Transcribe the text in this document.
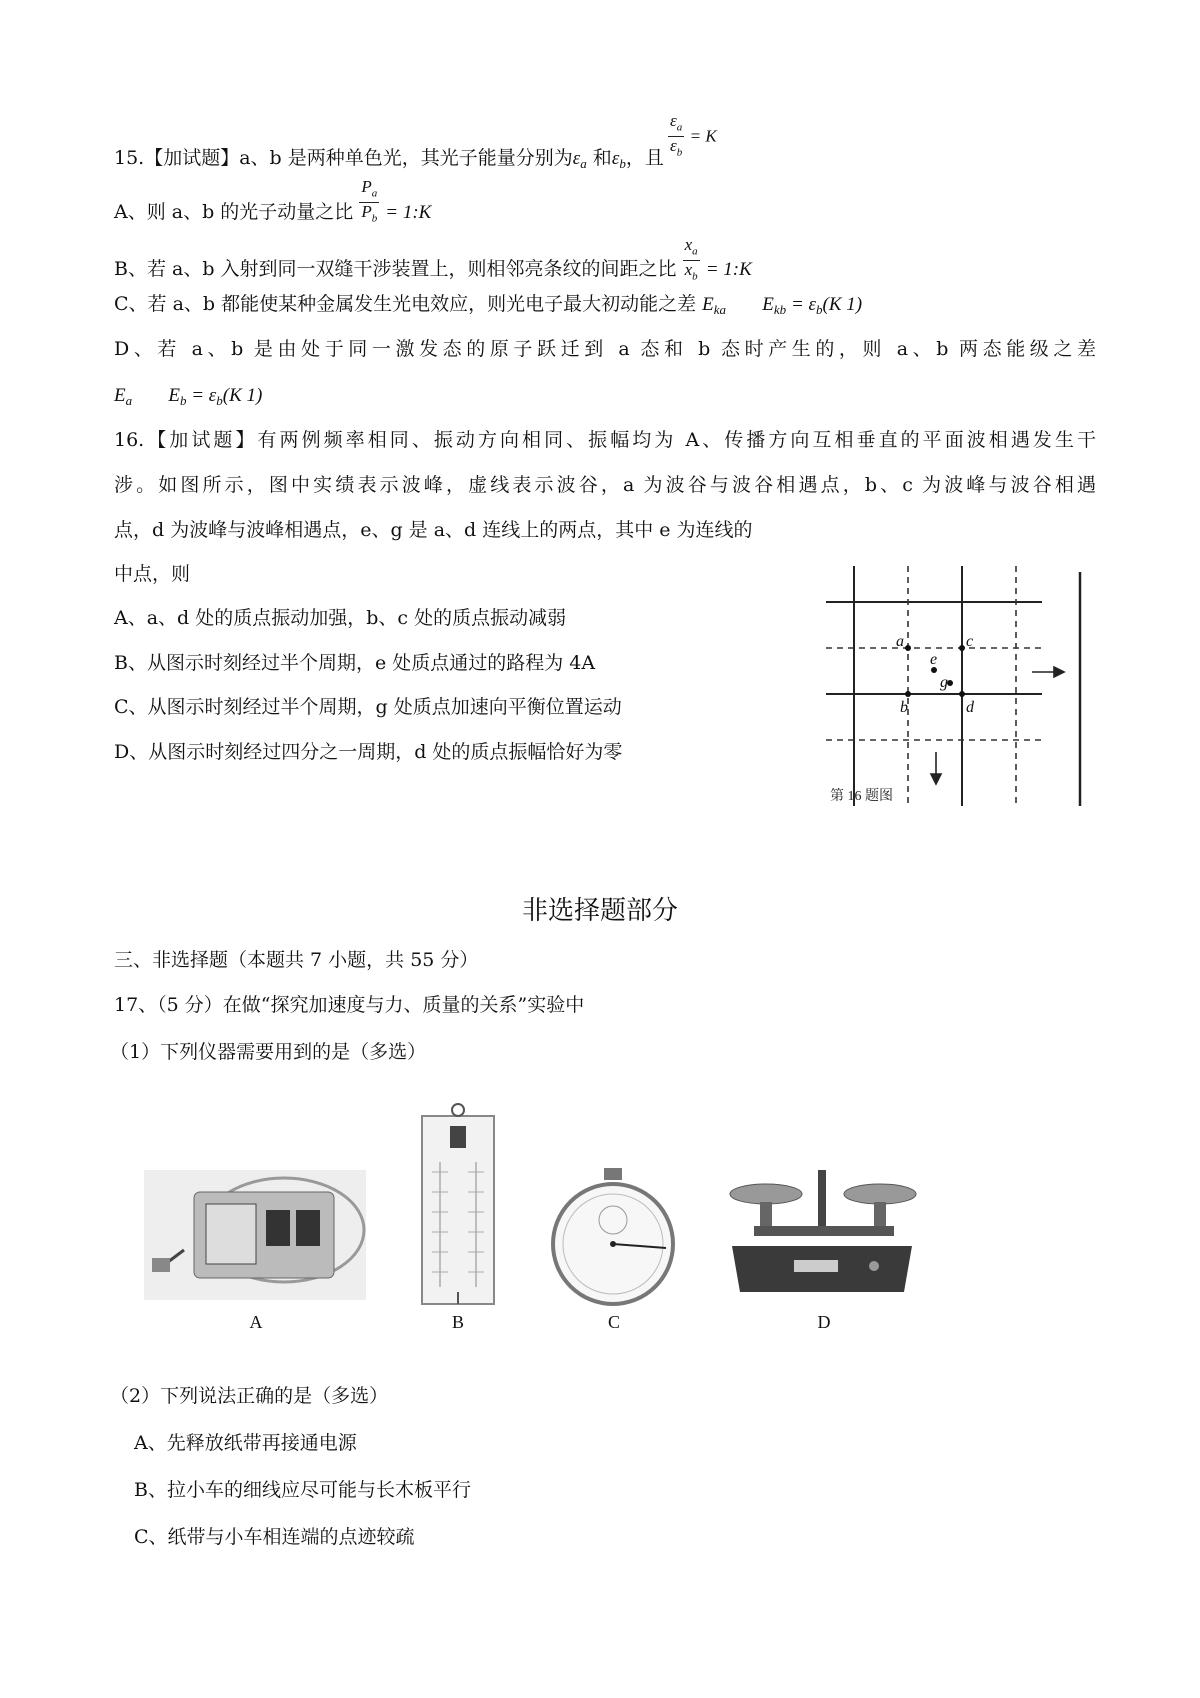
15.【加试题】a、b 是两种单色光，其光子能量分别为$\varepsilon_a$ 和$\varepsilon_b$，且 $\frac{\varepsilon_a}{\varepsilon_b} = K$
A、则 a、b 的光子动量之比 $\frac{P_a}{P_b}$ = 1:K
B、若 a、b 入射到同一双缝干涉装置上，则相邻亮条纹的间距之比 $\frac{x_a}{x_b}$ = 1:K
C、若 a、b 都能使某种金属发生光电效应，则光电子最大初动能之差 $E_{ka}$ $E_{kb} = \varepsilon_b(K$ 1)
D、若 a、b 是由处于同一激发态的原子跃迁到 a 态和 b 态时产生的，则 a、b 两态能级之差
$E_a$ $E_b = \varepsilon_b(K$ 1)
16.【加试题】有两例频率相同、振动方向相同、振幅均为 A、传播方向互相垂直的平面波相遇发生干
涉。如图所示，图中实绩表示波峰，虚线表示波谷，a 为波谷与波谷相遇点，b、c 为波峰与波谷相遇
点，d 为波峰与波峰相遇点，e、g 是 a、d 连线上的两点，其中 e 为连线的
中点，则
A、a、d 处的质点振动加强，b、c 处的质点振动减弱
B、从图示时刻经过半个周期，e 处质点通过的路程为 4A
C、从图示时刻经过半个周期，g 处质点加速向平衡位置运动
D、从图示时刻经过四分之一周期，d 处的质点振幅恰好为零
a	c
b	d
e
g
第 16 题图
非选择题部分
三、非选择题（本题共 7 小题，共 55 分）
17、（5 分）在做“探究加速度与力、质量的关系”实验中
（1）下列仪器需要用到的是（多选）
A	B	C	D
（2）下列说法正确的是（多选）
A、先释放纸带再接通电源
B、拉小车的细线应尽可能与长木板平行
C、纸带与小车相连端的点迹较疏
